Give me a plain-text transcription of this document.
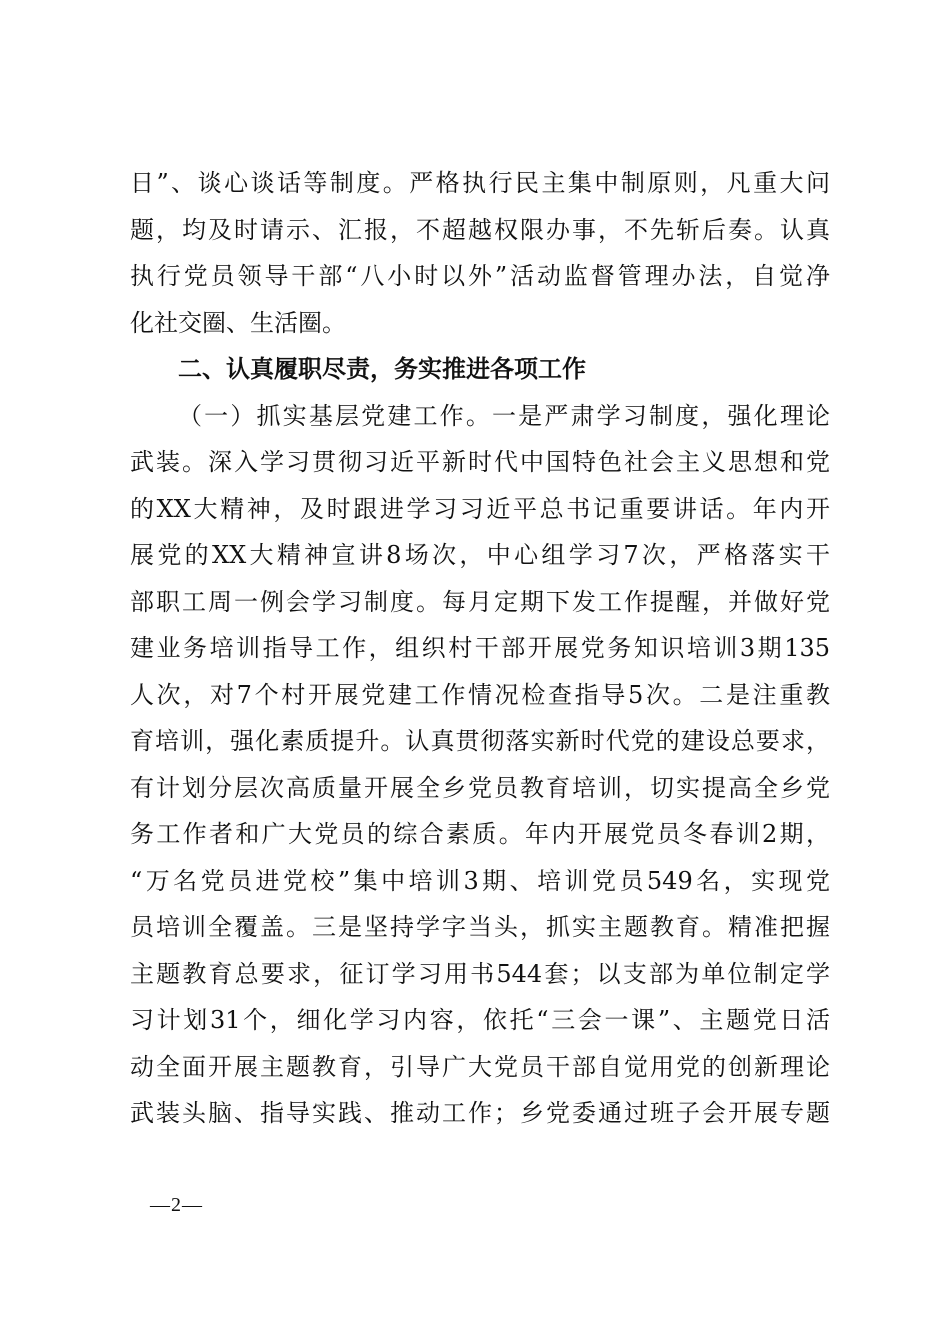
日”、谈心谈话等制度。严格执行民主集中制原则，凡重大问
题，均及时请示、汇报，不超越权限办事，不先斩后奏。认真
执行党员领导干部“八小时以外”活动监督管理办法，自觉净
化社交圈、生活圈。
二、认真履职尽责，务实推进各项工作
（一）抓实基层党建工作。一是严肃学习制度，强化理论
武装。深入学习贯彻习近平新时代中国特色社会主义思想和党
的XX大精神，及时跟进学习习近平总书记重要讲话。年内开
展党的XX大精神宣讲8场次，中心组学习7次，严格落实干
部职工周一例会学习制度。每月定期下发工作提醒，并做好党
建业务培训指导工作，组织村干部开展党务知识培训3期135
人次，对7个村开展党建工作情况检查指导5次。二是注重教
育培训，强化素质提升。认真贯彻落实新时代党的建设总要求，
有计划分层次高质量开展全乡党员教育培训，切实提高全乡党
务工作者和广大党员的综合素质。年内开展党员冬春训2期，
“万名党员进党校”集中培训3期、培训党员549名，实现党
员培训全覆盖。三是坚持学字当头，抓实主题教育。精准把握
主题教育总要求，征订学习用书544套；以支部为单位制定学
习计划31个，细化学习内容，依托“三会一课”、主题党日活
动全面开展主题教育，引导广大党员干部自觉用党的创新理论
武装头脑、指导实践、推动工作；乡党委通过班子会开展专题
—2—
